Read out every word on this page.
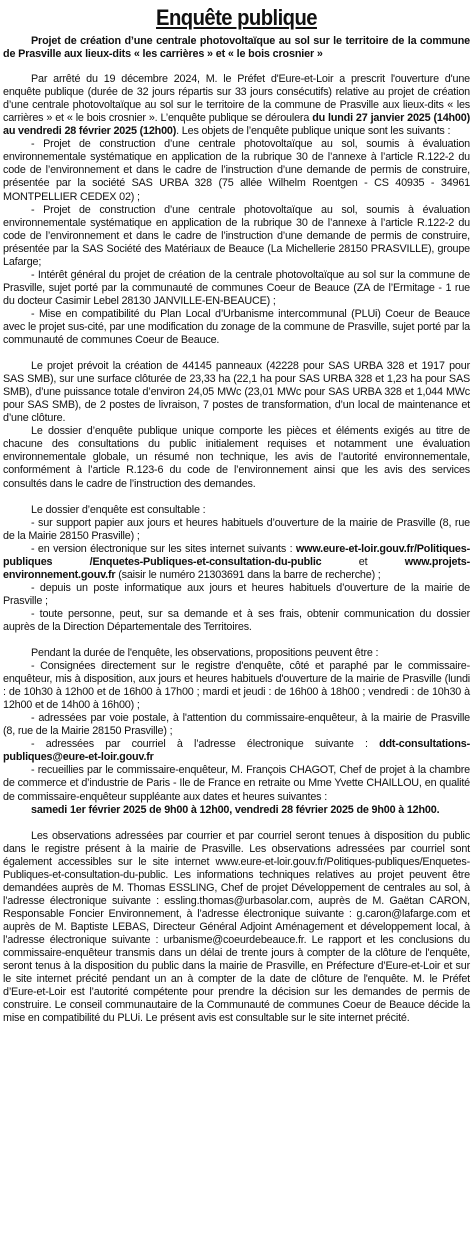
Enquête publique

Projet de création d’une centrale photovoltaïque au sol sur le territoire de la commune de Prasville aux lieux-dits « les carrières » et « le bois crosnier »

Par arrêté du 19 décembre 2024, M. le Préfet d'Eure-et-Loir a prescrit l'ouverture d'une enquête publique (durée de 32 jours répartis sur 33 jours consécutifs) relative au projet de création d’une centrale photovoltaïque au sol sur le territoire de la commune de Prasville aux lieux-dits « les carrières » et « le bois crosnier ». L’enquête publique se déroulera du lundi 27 janvier 2025 (14h00) au vendredi 28 février 2025 (12h00). Les objets de l’enquête publique unique sont les suivants :

- Projet de construction d’une centrale photovoltaïque au sol, soumis à évaluation environnementale systématique en application de la rubrique 30 de l’annexe à l’article R.122-2 du code de l’environnement et dans le cadre de l’instruction d’une demande de permis de construire, présentée par la société SAS URBA 328 (75 allée Wilhelm Roentgen - CS 40935 - 34961 MONTPELLIER CEDEX 02) ;

- Projet de construction d’une centrale photovoltaïque au sol, soumis à évaluation environnementale systématique en application de la rubrique 30 de l’annexe à l’article R.122-2 du code de l’environnement et dans le cadre de l’instruction d’une demande de permis de construire, présentée par la SAS Société des Matériaux de Beauce (La Michellerie 28150 PRASVILLE), groupe Lafarge;

- Intérêt général du projet de création de la centrale photovoltaïque au sol sur la commune de Prasville, sujet porté par la communauté de communes Coeur de Beauce (ZA de l’Ermitage - 1 rue du docteur Casimir Lebel 28130 JANVILLE-EN-BEAUCE) ;

- Mise en compatibilité du Plan Local d’Urbanisme intercommunal (PLUi) Coeur de Beauce avec le projet sus-cité, par une modification du zonage de la commune de Prasville, sujet porté par la communauté de communes Coeur de Beauce.

Le projet prévoit la création de 44145 panneaux (42228 pour SAS URBA 328 et 1917 pour SAS SMB), sur une surface clôturée de 23,33 ha (22,1 ha pour SAS URBA 328 et 1,23 ha pour SAS SMB), d’une puissance totale d’environ 24,05 MWc (23,01 MWc pour SAS URBA 328 et 1,044 MWc pour SAS SMB), de 2 postes de livraison, 7 postes de transformation, d’un local de maintenance et d’une clôture.

Le dossier d’enquête publique unique comporte les pièces et éléments exigés au titre de chacune des consultations du public initialement requises et notamment une évaluation environnementale globale, un résumé non technique, les avis de l’autorité environnementale, conformément à l’article R.123-6 du code de l’environnement ainsi que les avis des services consultés dans le cadre de l’instruction des demandes.

Le dossier d’enquête est consultable :

- sur support papier aux jours et heures habituels d’ouverture de la mairie de Prasville (8, rue de la Mairie 28150 Prasville) ;

- en version électronique sur les sites internet suivants : www.eure-et-loir.gouv.fr/Politiques-publiques /Enquetes-Publiques-et-consultation-du-public et www.projets-environnement.gouv.fr (saisir le numéro 21303691 dans la barre de recherche) ;

- depuis un poste informatique aux jours et heures habituels d’ouverture de la mairie de Prasville ;

- toute personne, peut, sur sa demande et à ses frais, obtenir communication du dossier auprès de la Direction Départementale des Territoires.

Pendant la durée de l'enquête, les observations, propositions peuvent être :

- Consignées directement sur le registre d'enquête, côté et paraphé par le commissaire-enquêteur, mis à disposition, aux jours et heures habituels d'ouverture de la mairie de Prasville (lundi : de 10h30 à 12h00 et de 16h00 à 17h00 ; mardi et jeudi : de 16h00 à 18h00 ; vendredi : de 10h30 à 12h00 et de 14h00 à 16h00) ;

- adressées par voie postale, à l'attention du commissaire-enquêteur, à la mairie de Prasville (8, rue de la Mairie 28150 Prasville) ;

- adressées par courriel à l’adresse électronique suivante : ddt-consultations-publiques@eure-et-loir.gouv.fr

- recueillies par le commissaire-enquêteur, M. François CHAGOT, Chef de projet à la chambre de commerce et d’industrie de Paris - Ile de France en retraite ou Mme Yvette CHAILLOU, en qualité de commissaire-enquêteur suppléante aux dates et heures suivantes :

samedi 1er février 2025 de 9h00 à 12h00, vendredi 28 février 2025 de 9h00 à 12h00.

Les observations adressées par courrier et par courriel seront tenues à disposition du public dans le registre présent à la mairie de Prasville. Les observations adressées par courriel sont également accessibles sur le site internet www.eure-et-loir.gouv.fr/Politiques-publiques/Enquetes-Publiques-et-consultation-du-public. Les informations techniques relatives au projet peuvent être demandées auprès de M. Thomas ESSLING, Chef de projet Développement de centrales au sol, à l’adresse électronique suivante : essling.thomas@urbasolar.com, auprès de M. Gaëtan CARON, Responsable Foncier Environnement, à l’adresse électronique suivante : g.caron@lafarge.com et auprès de M. Baptiste LEBAS, Directeur Général Adjoint Aménagement et développement local, à l’adresse électronique suivante : urbanisme@coeurdebeauce.fr. Le rapport et les conclusions du commissaire-enquêteur transmis dans un délai de trente jours à compter de la clôture de l'enquête, seront tenus à la disposition du public dans la mairie de Prasville, en Préfecture d’Eure-et-Loir et sur le site internet précité pendant un an à compter de la date de clôture de l'enquête. M. le Préfet d’Eure-et-Loir est l’autorité compétente pour prendre la décision sur les demandes de permis de construire. Le conseil communautaire de la Communauté de communes Coeur de Beauce décide la mise en compatibilité du PLUi. Le présent avis est consultable sur le site internet précité.
